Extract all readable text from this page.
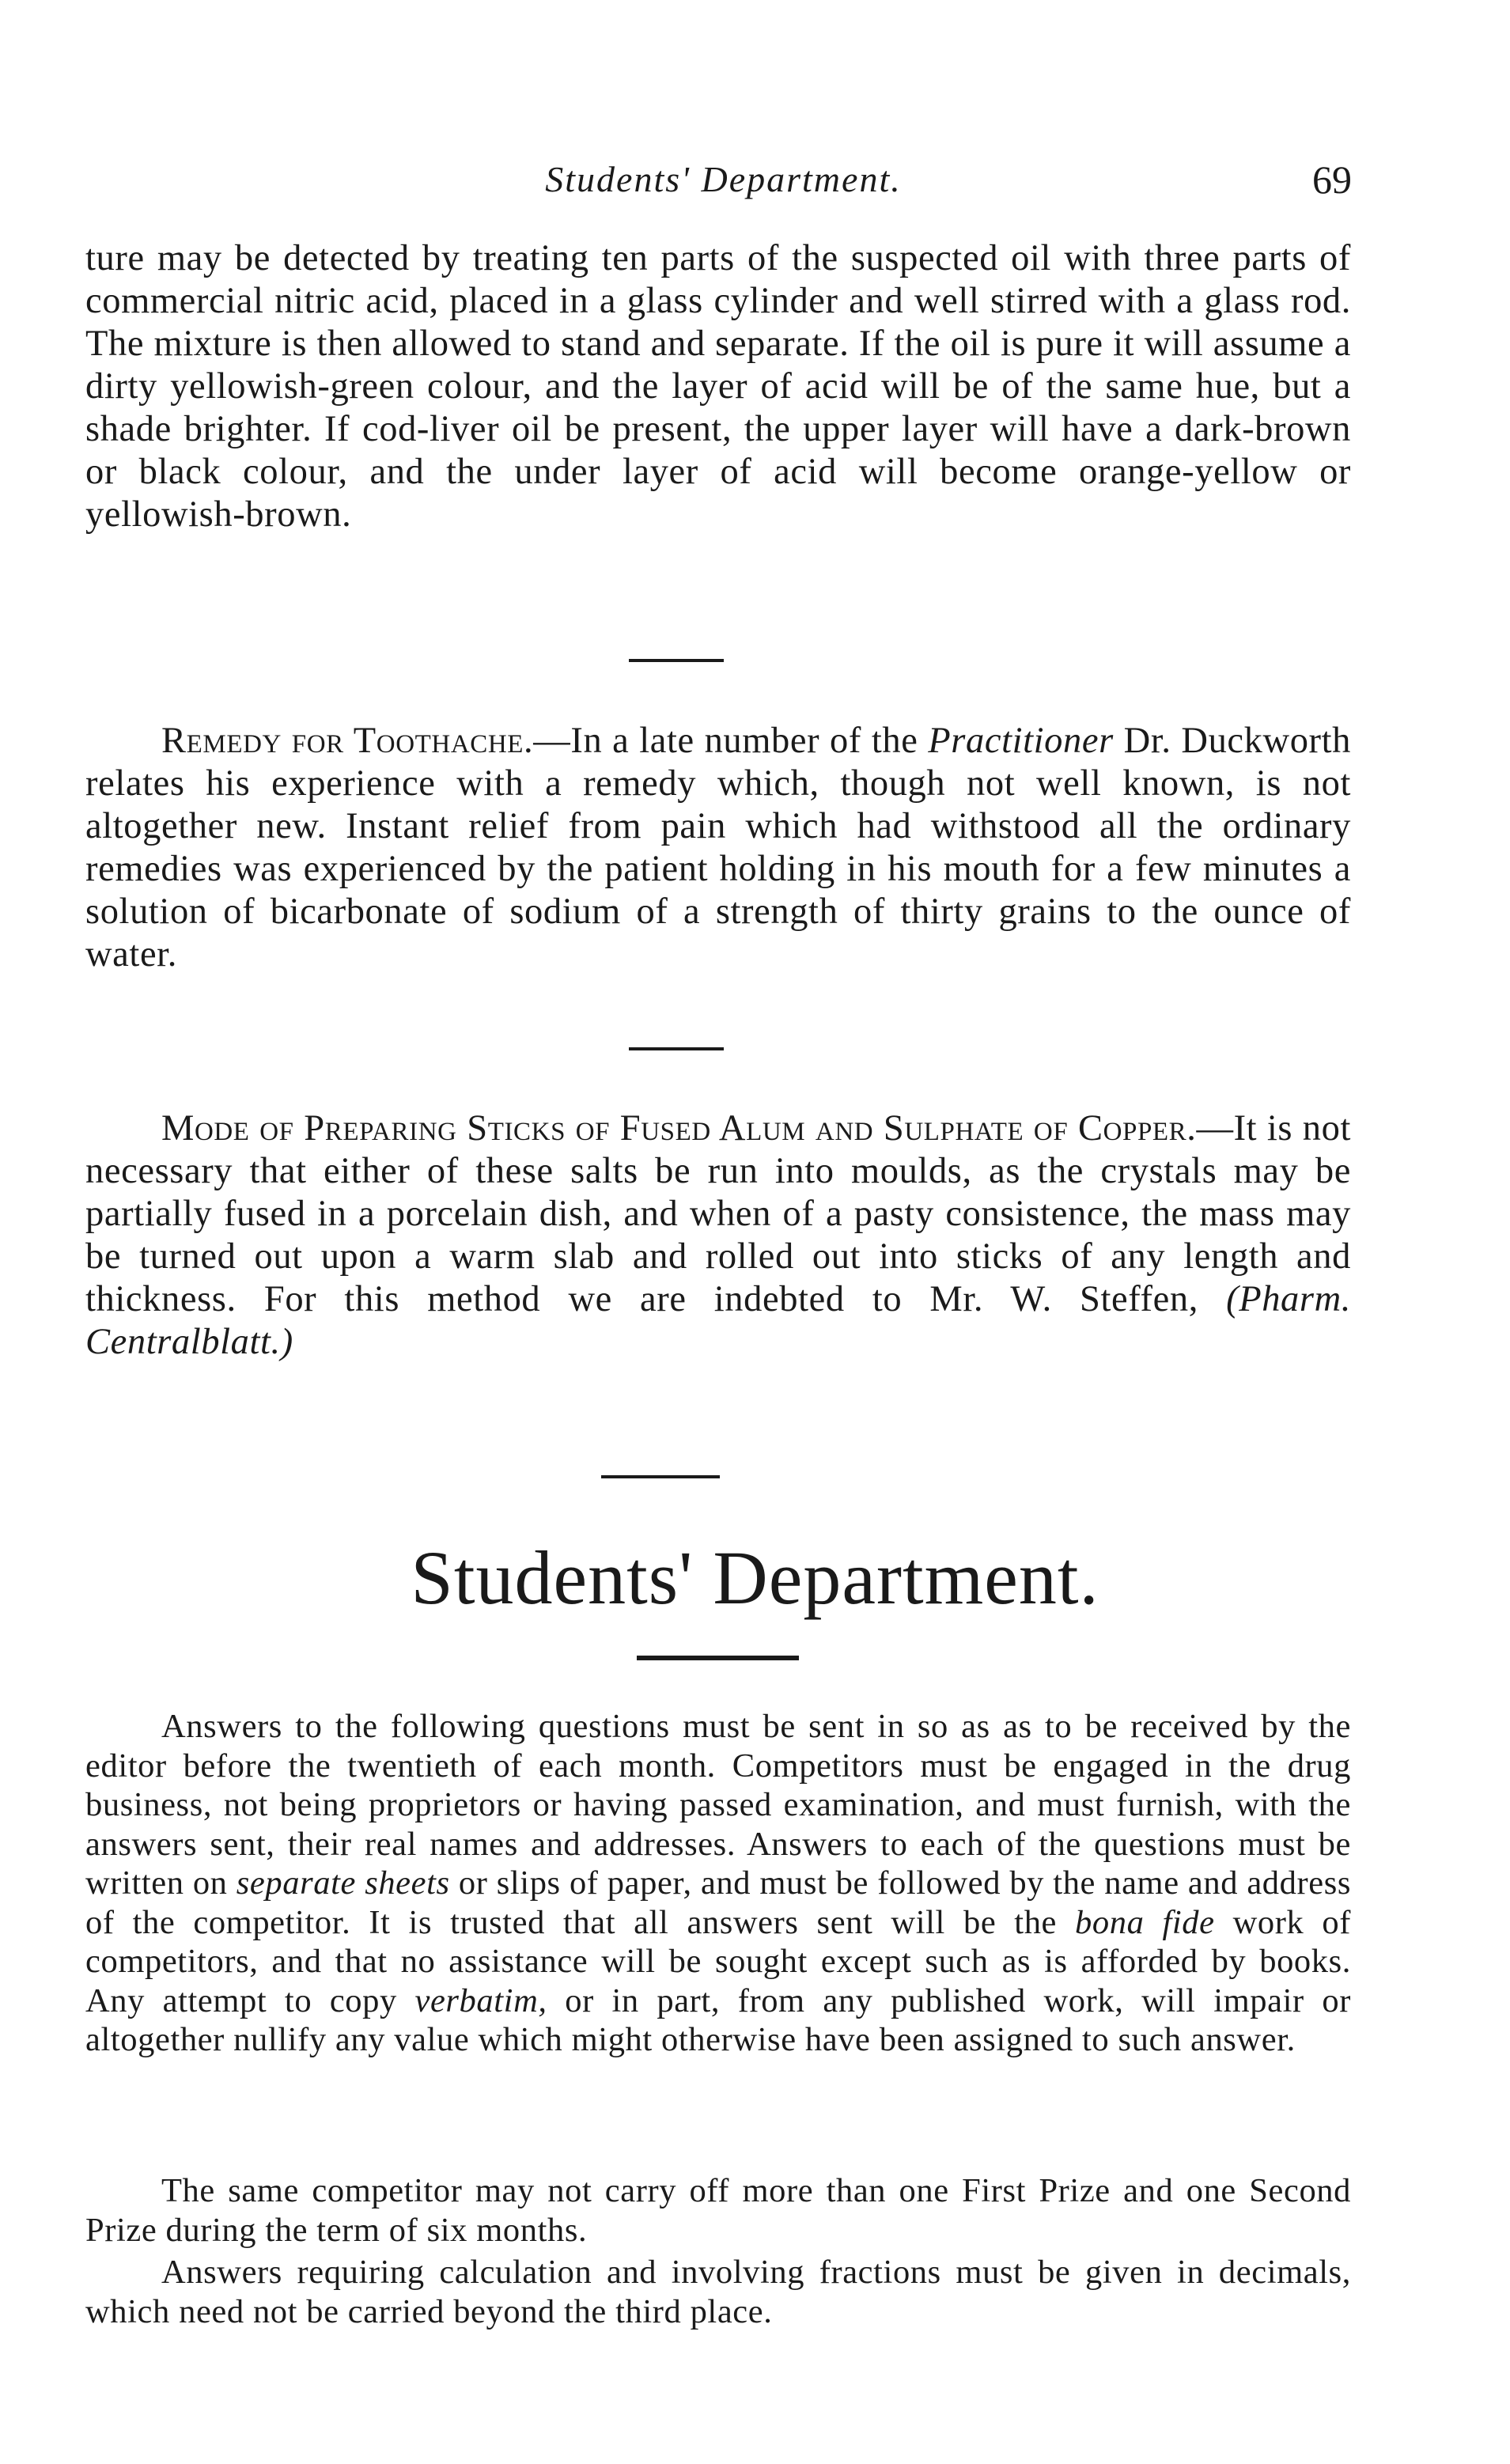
Students' Department.	69

ture may be detected by treating ten parts of the suspected oil with three parts of commercial nitric acid, placed in a glass cylinder and well stirred with a glass rod. The mixture is then allowed to stand and separate. If the oil is pure it will assume a dirty yellowish-green colour, and the layer of acid will be of the same hue, but a shade brighter. If cod-liver oil be present, the upper layer will have a dark-brown or black colour, and the under layer of acid will become orange-yellow or yellowish-brown.

Remedy for Toothache.—In a late number of the Practitioner Dr. Duckworth relates his experience with a remedy which, though not well known, is not altogether new. Instant relief from pain which had withstood all the ordinary remedies was experienced by the patient holding in his mouth for a few minutes a solution of bicarbonate of sodium of a strength of thirty grains to the ounce of water.

Mode of Preparing Sticks of Fused Alum and Sulphate of Copper.—It is not necessary that either of these salts be run into moulds, as the crystals may be partially fused in a porcelain dish, and when of a pasty consistence, the mass may be turned out upon a warm slab and rolled out into sticks of any length and thickness. For this method we are indebted to Mr. W. Steffen, (Pharm. Centralblatt.)

Students' Department.

Answers to the following questions must be sent in so as as to be received by the editor before the twentieth of each month. Competitors must be engaged in the drug business, not being proprietors or having passed examination, and must furnish, with the answers sent, their real names and addresses. Answers to each of the questions must be written on separate sheets or slips of paper, and must be followed by the name and address of the competitor. It is trusted that all answers sent will be the bona fide work of competitors, and that no assistance will be sought except such as is afforded by books. Any attempt to copy verbatim, or in part, from any published work, will impair or altogether nullify any value which might otherwise have been assigned to such answer.

The same competitor may not carry off more than one First Prize and one Second Prize during the term of six months.

Answers requiring calculation and involving fractions must be given in decimals, which need not be carried beyond the third place.
